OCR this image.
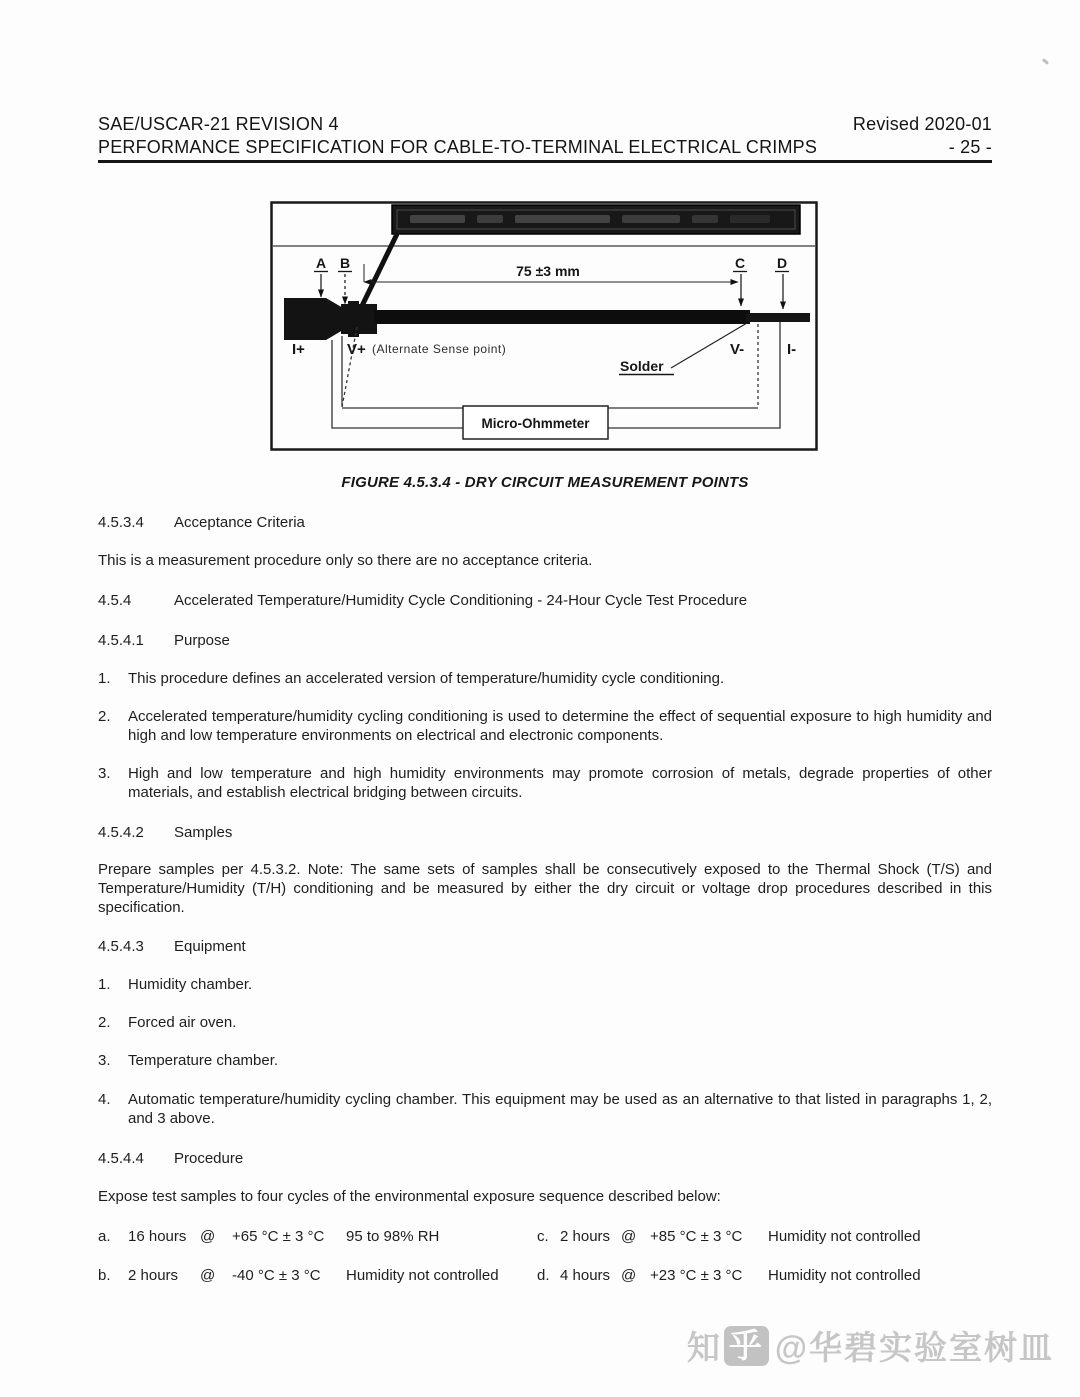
SAE/USCAR-21 REVISION 4	Revised 2020-01
PERFORMANCE SPECIFICATION FOR CABLE-TO-TERMINAL ELECTRICAL CRIMPS	- 25 -
A B	C D
75 ±3 mm
Solder
I+	V+	V-	I-
(Alternate Sense point)
Micro-Ohmmeter
FIGURE 4.5.3.4 - DRY CIRCUIT MEASUREMENT POINTS
4.5.3.4	Acceptance Criteria
This is a measurement procedure only so there are no acceptance criteria.
4.5.4	Accelerated Temperature/Humidity Cycle Conditioning - 24-Hour Cycle Test Procedure
4.5.4.1	Purpose
1.	This procedure defines an accelerated version of temperature/humidity cycle conditioning.
2.	Accelerated temperature/humidity cycling conditioning is used to determine the effect of sequential exposure to high humidity and high and low temperature environments on electrical and electronic components.
3.	High and low temperature and high humidity environments may promote corrosion of metals, degrade properties of other materials, and establish electrical bridging between circuits.
4.5.4.2	Samples
Prepare samples per 4.5.3.2. Note: The same sets of samples shall be consecutively exposed to the Thermal Shock (T/S) and Temperature/Humidity (T/H) conditioning and be measured by either the dry circuit or voltage drop procedures described in this specification.
4.5.4.3	Equipment
1.	Humidity chamber.
2.	Forced air oven.
3.	Temperature chamber.
4.	Automatic temperature/humidity cycling chamber. This equipment may be used as an alternative to that listed in paragraphs 1, 2, and 3 above.
4.5.4.4	Procedure
Expose test samples to four cycles of the environmental exposure sequence described below:
a.	16 hours @	+65 °C ± 3 °C	95 to 98% RH	c. 2 hours @ +85 °C ± 3 °C	Humidity not controlled
b.	2 hours	@	-40 °C ± 3 °C	Humidity not controlled	d. 4 hours @ +23 °C ± 3 °C	Humidity not controlled
知 乎 @华碧实验室树皿
